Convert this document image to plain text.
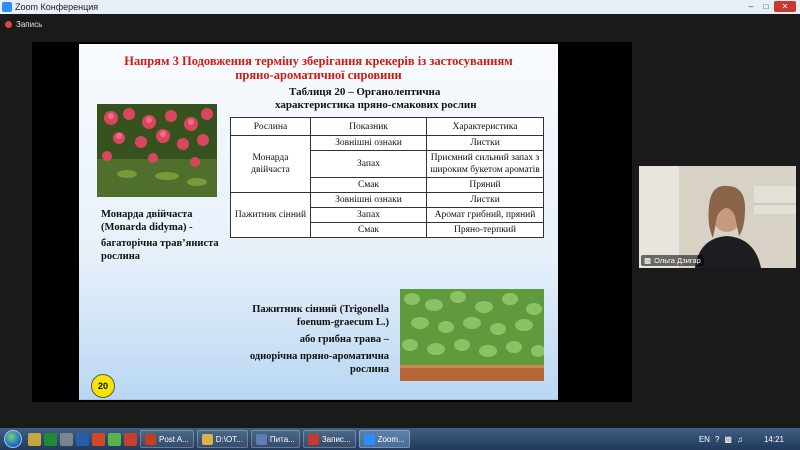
Zoom Конференция	–	□	✕
Запись
▩ Ольга Дзигар
Напрям 3 Подовження терміну зберігання крекерів із застосуванням
пряно-ароматичної сировини
Таблиця 20 – Органолептична
характеристика пряно-смакових рослин
Рослина	Показник	Характеристика
Монарда двійчаста	Зовнішні ознаки	Листки
	Запах	Приємний сильний запах з широким букетом ароматів
	Смак	Пряний
Пажитник сінний	Зовнішні ознаки	Листки
	Запах	Аромат грибний, пряний
	Смак	Пряно-терпкий

Монарда двійчаста (Monarda didyma) -

багаторічна трав’яниста рослина

Пажитник сінний (Trigonella foenum-graecum L.)
або грибна трава –
однорічна пряно-ароматична рослина
20
Post A...	D:\OT...	Пита...	Запис...	Zoom...	EN ? ▩ ♫	14:21
